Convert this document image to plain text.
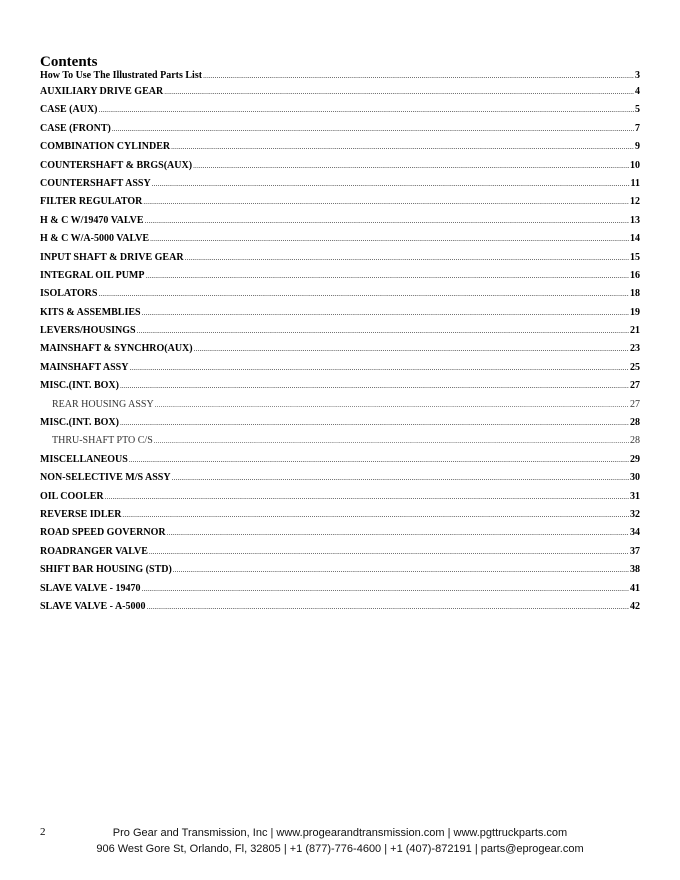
Contents
How To Use The Illustrated Parts List .....	3
AUXILIARY DRIVE GEAR .....	4
CASE (AUX) .....	5
CASE (FRONT) .....	7
COMBINATION CYLINDER .....	9
COUNTERSHAFT & BRGS(AUX) .....	10
COUNTERSHAFT ASSY .....	11
FILTER REGULATOR .....	12
H & C W/19470 VALVE .....	13
H & C W/A-5000 VALVE .....	14
INPUT SHAFT & DRIVE GEAR .....	15
INTEGRAL OIL PUMP .....	16
ISOLATORS .....	18
KITS & ASSEMBLIES .....	19
LEVERS/HOUSINGS .....	21
MAINSHAFT & SYNCHRO(AUX) .....	23
MAINSHAFT ASSY .....	25
MISC.(INT. BOX) .....	27
REAR HOUSING ASSY .....	27
MISC.(INT. BOX) .....	28
THRU-SHAFT PTO C/S .....	28
MISCELLANEOUS .....	29
NON-SELECTIVE M/S ASSY .....	30
OIL COOLER .....	31
REVERSE IDLER .....	32
ROAD SPEED GOVERNOR .....	34
ROADRANGER VALVE .....	37
SHIFT BAR HOUSING (STD) .....	38
SLAVE VALVE - 19470 .....	41
SLAVE VALVE - A-5000 .....	42
2	Pro Gear and Transmission, Inc | www.progearandtransmission.com | www.pgttruckparts.com
906 West Gore St, Orlando, Fl, 32805 | +1 (877)-776-4600 | +1 (407)-872191 | parts@eprogear.com
